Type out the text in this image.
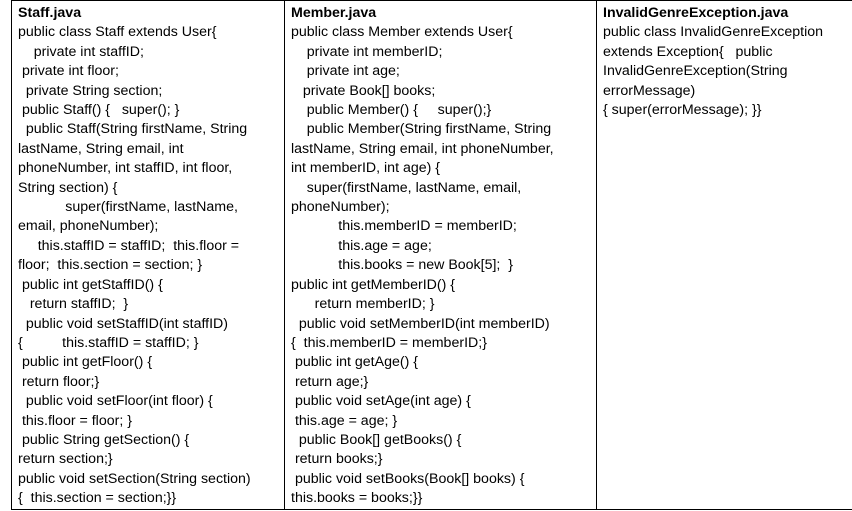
Staff.java
public class Staff extends User{
private int staffID;
private int floor;
private String section;
public Staff() {   super(); }
public Staff(String firstName, String
lastName, String email, int
phoneNumber, int staffID, int floor,
String section) {
super(firstName, lastName,
email, phoneNumber);
this.staffID = staffID;  this.floor =
floor;  this.section = section; }
public int getStaffID() {
return staffID;  }
public void setStaffID(int staffID)
{          this.staffID = staffID; }
public int getFloor() {
return floor;}
public void setFloor(int floor) {
this.floor = floor; }
public String getSection() {
return section;}
public void setSection(String section)
{  this.section = section;}}

Member.java
public class Member extends User{
private int memberID;
private int age;
private Book[] books;
public Member() {     super();}
public Member(String firstName, String
lastName, String email, int phoneNumber,
int memberID, int age) {
super(firstName, lastName, email,
phoneNumber);
this.memberID = memberID;
this.age = age;
this.books = new Book[5];  }
public int getMemberID() {
return memberID; }
public void setMemberID(int memberID)
{  this.memberID = memberID;}
public int getAge() {
return age;}
public void setAge(int age) {
this.age = age; }
public Book[] getBooks() {
return books;}
public void setBooks(Book[] books) {
this.books = books;}}

InvalidGenreException.java
public class InvalidGenreException
extends Exception{   public
InvalidGenreException(String
errorMessage)
{ super(errorMessage); }}
